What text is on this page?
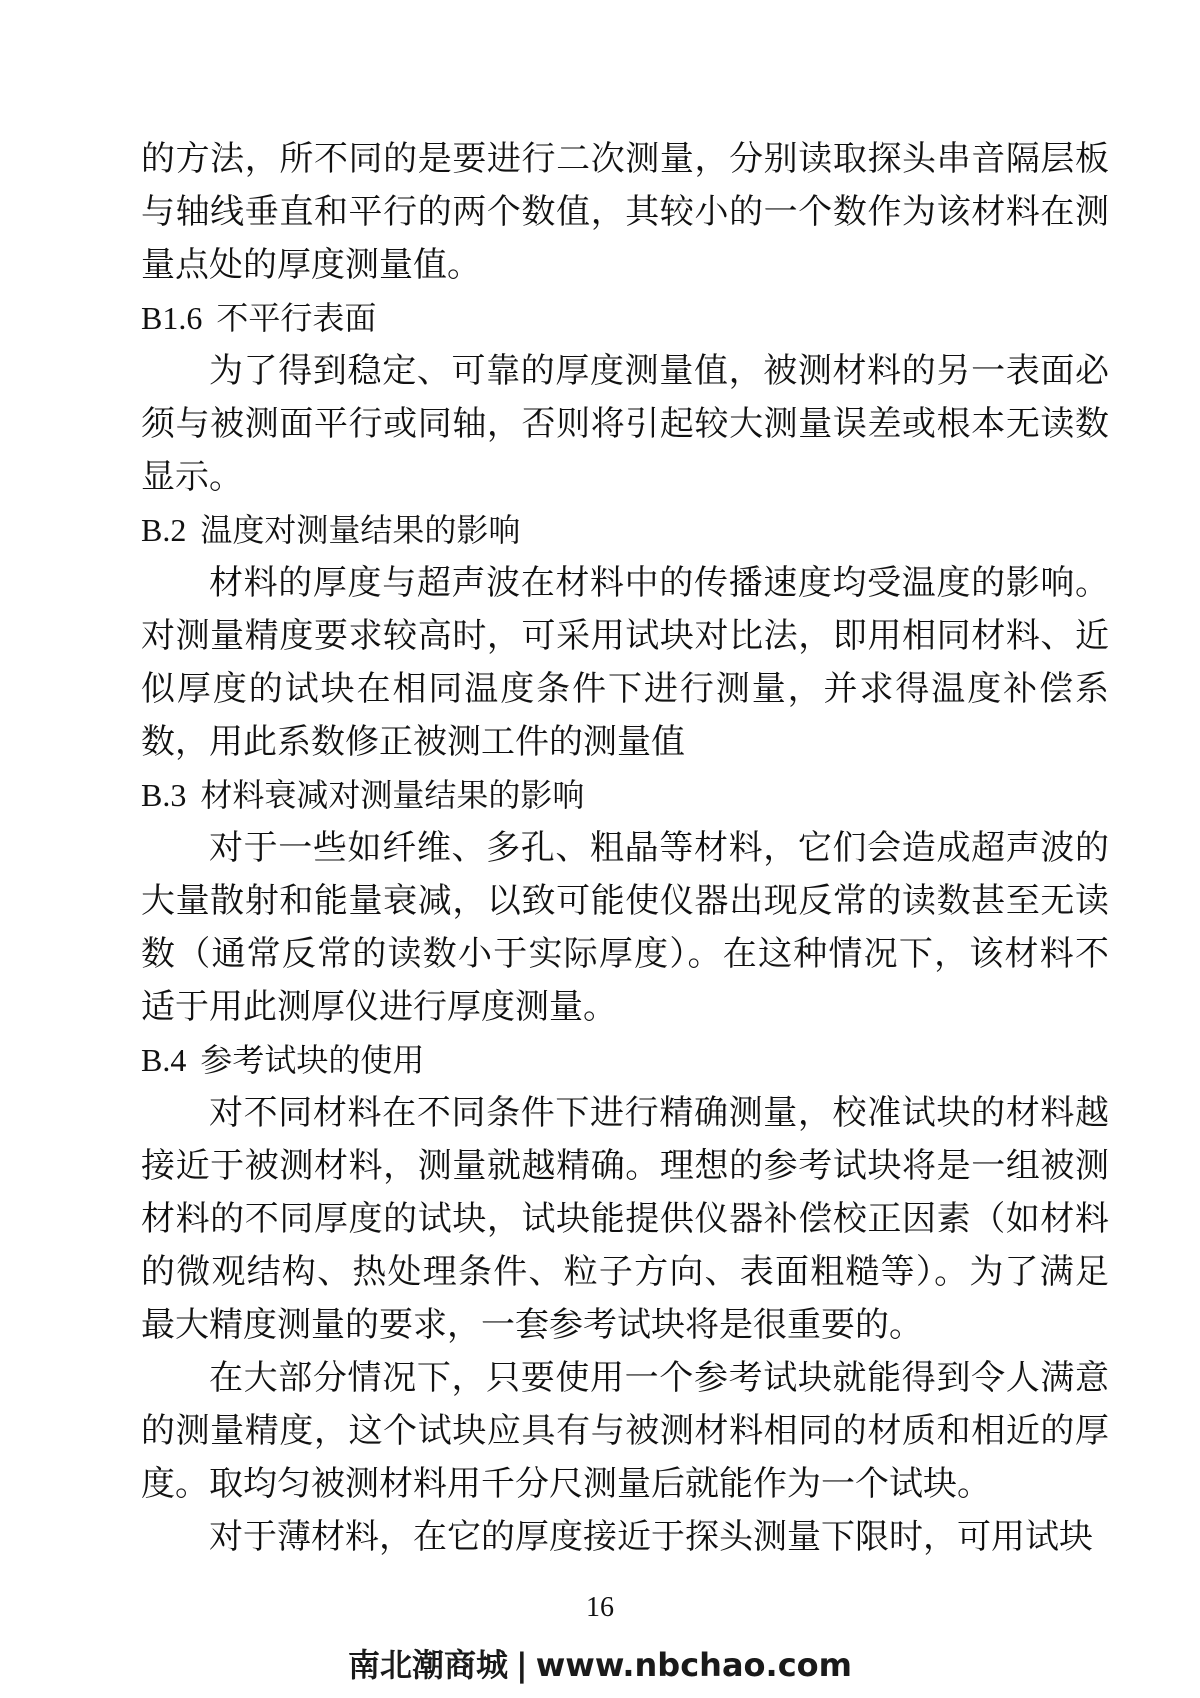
的方法，所不同的是要进行二次测量，分别读取探头串音隔层板与轴线垂直和平行的两个数值，其较小的一个数作为该材料在测量点处的厚度测量值。

B1.6 不平行表面

为了得到稳定、可靠的厚度测量值，被测材料的另一表面必须与被测面平行或同轴，否则将引起较大测量误差或根本无读数显示。

B.2 温度对测量结果的影响

材料的厚度与超声波在材料中的传播速度均受温度的影响。对测量精度要求较高时，可采用试块对比法，即用相同材料、近似厚度的试块在相同温度条件下进行测量，并求得温度补偿系数，用此系数修正被测工件的测量值

B.3 材料衰减对测量结果的影响

对于一些如纤维、多孔、粗晶等材料，它们会造成超声波的大量散射和能量衰减，以致可能使仪器出现反常的读数甚至无读数（通常反常的读数小于实际厚度）。在这种情况下，该材料不适于用此测厚仪进行厚度测量。

B.4 参考试块的使用

对不同材料在不同条件下进行精确测量，校准试块的材料越接近于被测材料，测量就越精确。理想的参考试块将是一组被测材料的不同厚度的试块，试块能提供仪器补偿校正因素（如材料的微观结构、热处理条件、粒子方向、表面粗糙等）。为了满足最大精度测量的要求，一套参考试块将是很重要的。

在大部分情况下，只要使用一个参考试块就能得到令人满意的测量精度，这个试块应具有与被测材料相同的材质和相近的厚度。取均匀被测材料用千分尺测量后就能作为一个试块。

对于薄材料，在它的厚度接近于探头测量下限时，可用试块

16
南北潮商城 | www.nbchao.com
